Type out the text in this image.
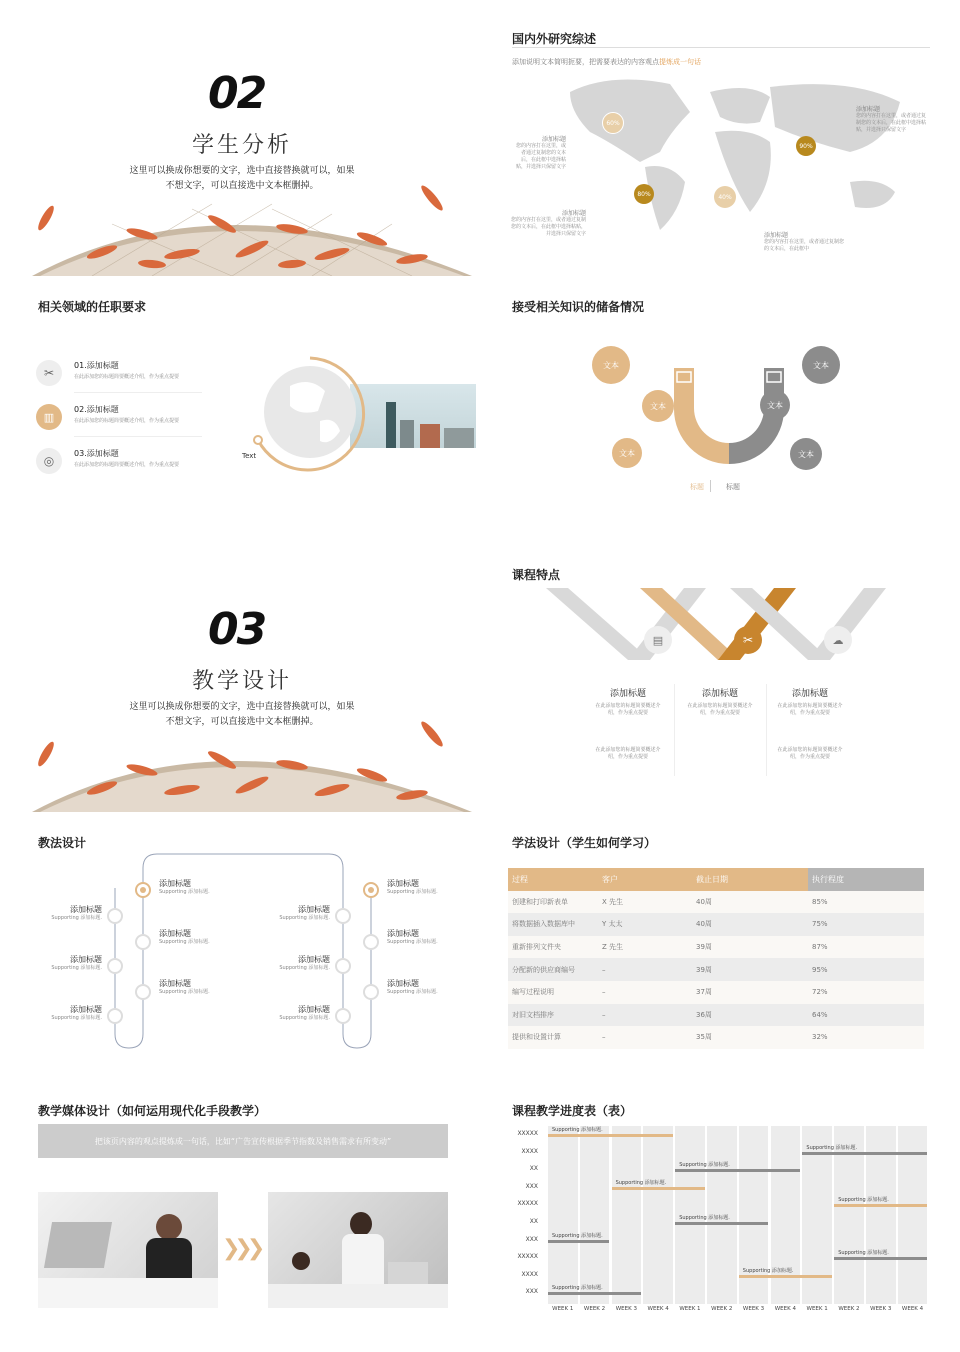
02
学生分析
这里可以换成你想要的文字，选中直接替换就可以，如果
不想文字，可以直接选中文本框删掉。
国内外研究综述
添加说明文本简明扼要，把需要表达的内容观点提炼成一句话
60%
90%
80%	40%
添加标题
您的内容打在这里，或者通过复制您的文本后，在此框中选择粘贴，并选择只保留文字
添加标题
您的内容打在这里，或者通过复制您的文本后，在此框中选择粘贴，并选择只保留文字
添加标题
您的内容打在这里，或者通过复制您的文本后，在此框中选择粘贴，并选择只保留文字	添加标题
您的内容打在这里，或者通过复制您的文本后，在此框中
相关领域的任职要求
✂
01.添加标题
在此添加您的标题简要概述介绍，作为重点提要
▥
02.添加标题
在此添加您的标题简要概述介绍，作为重点提要
◎
03.添加标题
在此添加您的标题简要概述介绍，作为重点提要
Text
接受相关知识的储备情况
文本
文本
文本
文本
文本
文本
标题	标题
03
教学设计
这里可以换成你想要的文字，选中直接替换就可以，如果
不想文字，可以直接选中文本框删掉。
课程特点
▤	✂	☁
添加标题
在此添加您的标题简要概述介
绍，作为重点提要
在此添加您的标题简要概述介
绍，作为重点提要
添加标题
在此添加您的标题简要概述介
绍，作为重点提要
添加标题
在此添加您的标题简要概述介
绍，作为重点提要
在此添加您的标题简要概述介
绍，作为重点提要
教法设计
添加标题
Supporting 添加标题.
添加标题
Supporting 添加标题.
添加标题
Supporting 添加标题.
添加标题
Supporting 添加标题.
添加标题
Supporting 添加标题.
添加标题
Supporting 添加标题.
添加标题
Supporting 添加标题.
添加标题
Supporting 添加标题.
添加标题
Supporting 添加标题.
添加标题
Supporting 添加标题.
添加标题
Supporting 添加标题.
添加标题
Supporting 添加标题.
学法设计（学生如何学习）
过程	客户	截止日期	执行程度
创建和打印新表单	X 先生	40周	85%
将数据插入数据库中	Y 太太	40周	75%
重新排列文件夹	Z 先生	39周	87%
分配新的供应商编号	–	39周	95%
编写过程说明	–	37周	72%
对旧文档排序	–	36周	64%
提供和设置计算	–	35周	32%
教学媒体设计（如何运用现代化手段教学）
把该页内容的观点提炼成一句话，比如“广告宣传根据季节指数及销售需求有所变动”
❯❯❯
课程教学进度表（表）
WEEK 1	WEEK 2	WEEK 3	WEEK 4	WEEK 1	WEEK 2	WEEK 3	WEEK 4	WEEK 1	WEEK 2	WEEK 3	WEEK 4
XXXXX
XXXX
XX
XXX
XXXXX
XX
XXX
XXXXX
XXXX
XXX
Supporting 添加标题.
Supporting 添加标题.
Supporting 添加标题.
Supporting 添加标题.
Supporting 添加标题.
Supporting 添加标题.
Supporting 添加标题.
Supporting 添加标题.
Supporting 添加标题.
Supporting 添加标题.
